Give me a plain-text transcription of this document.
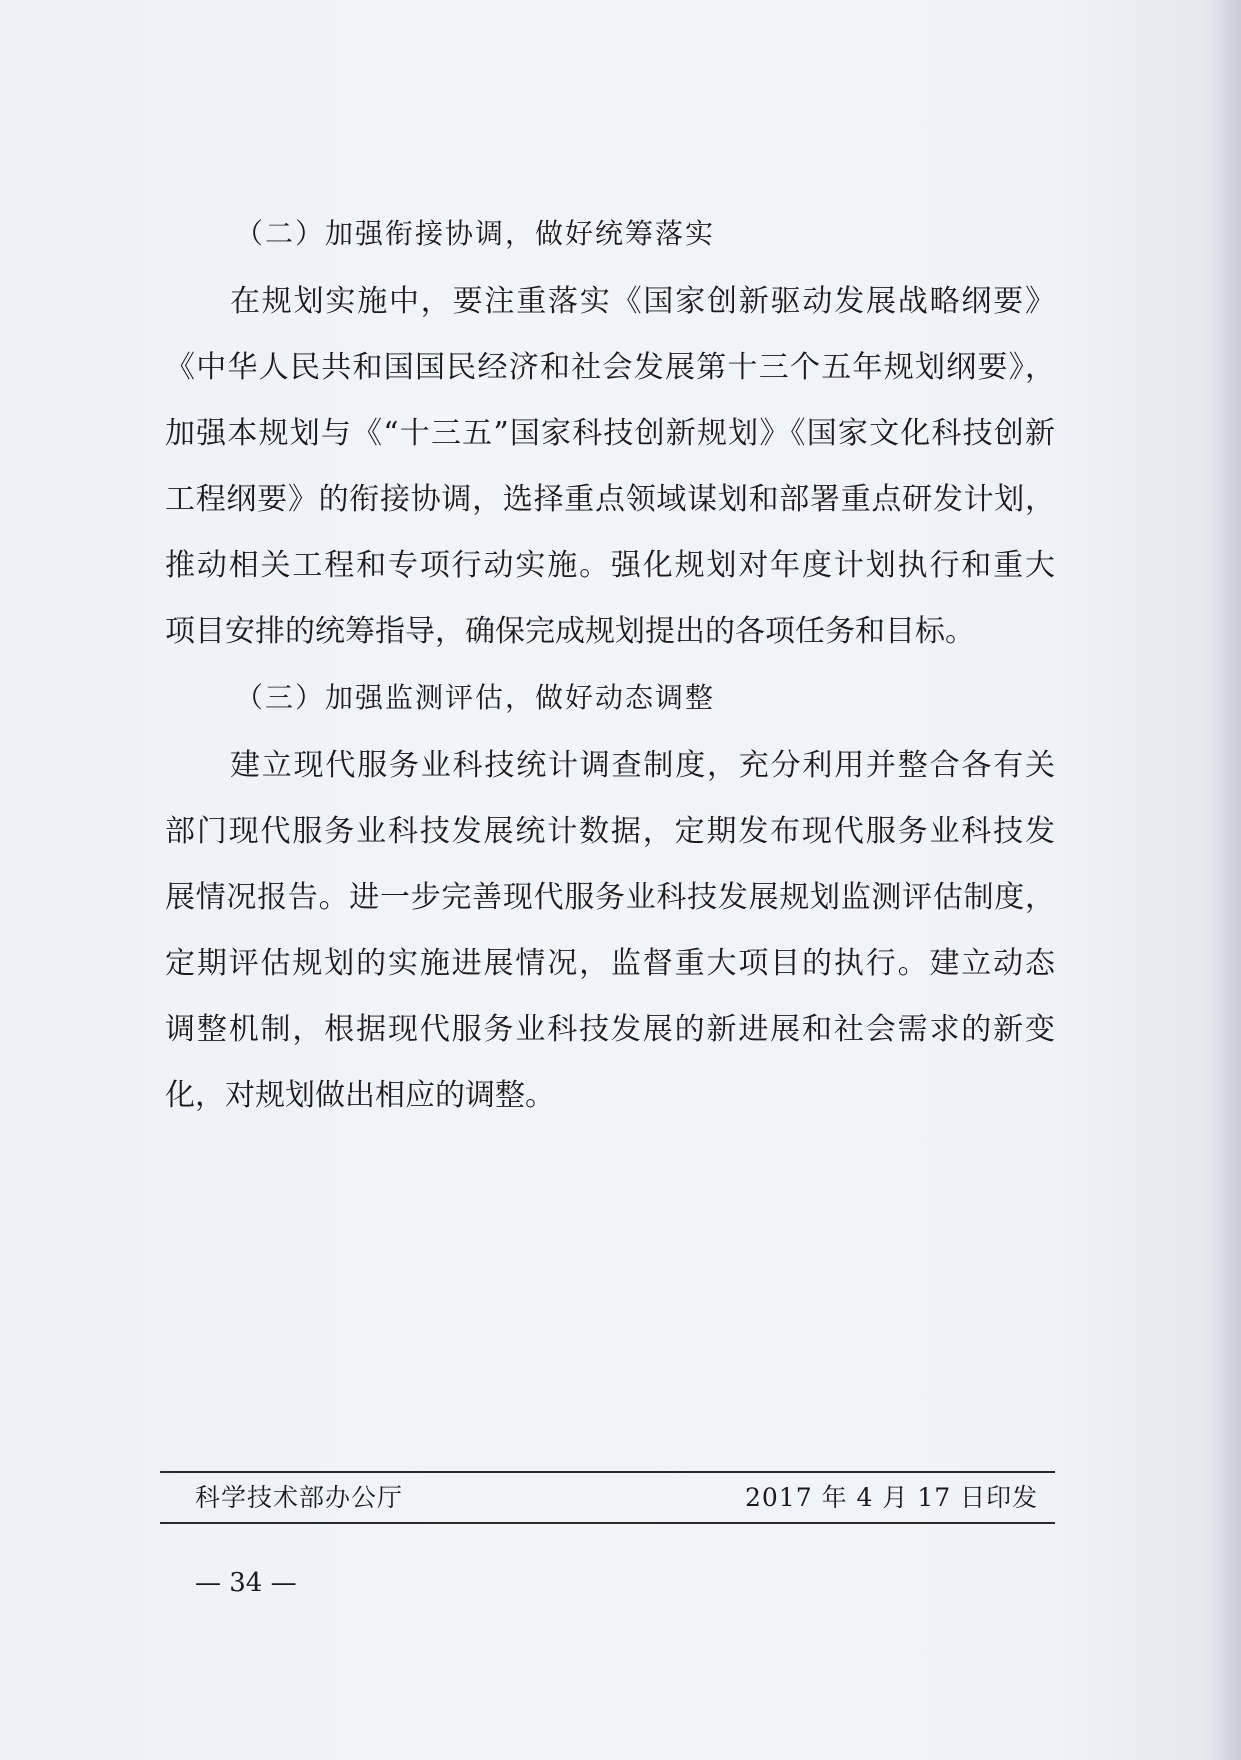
（二）加强衔接协调，做好统筹落实
在规划实施中，要注重落实《国家创新驱动发展战略纲要》
《中华人民共和国国民经济和社会发展第十三个五年规划纲要》，
加强本规划与《“十三五”国家科技创新规划》《国家文化科技创新
工程纲要》的衔接协调，选择重点领域谋划和部署重点研发计划，
推动相关工程和专项行动实施。强化规划对年度计划执行和重大
项目安排的统筹指导，确保完成规划提出的各项任务和目标。
（三）加强监测评估，做好动态调整
建立现代服务业科技统计调查制度，充分利用并整合各有关
部门现代服务业科技发展统计数据，定期发布现代服务业科技发
展情况报告。进一步完善现代服务业科技发展规划监测评估制度，
定期评估规划的实施进展情况，监督重大项目的执行。建立动态
调整机制，根据现代服务业科技发展的新进展和社会需求的新变
化，对规划做出相应的调整。
科学技术部办公厅	2017 年 4 月 17 日印发
— 34 —
